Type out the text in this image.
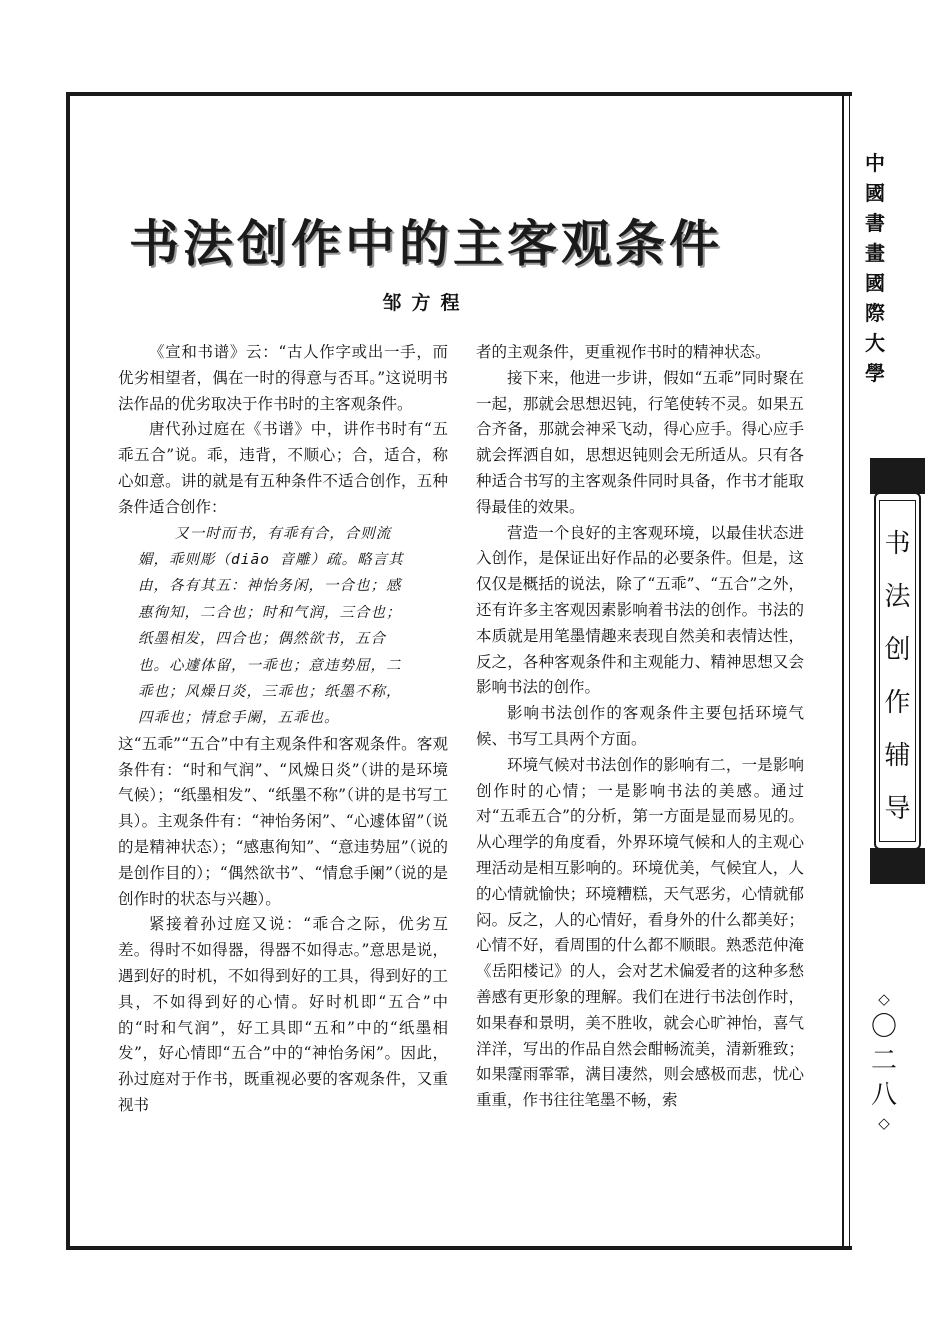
书法创作中的主客观条件
邹方程

《宣和书谱》云：“古人作字或出一手，而优劣相望者，偶在一时的得意与否耳。”这说明书法作品的优劣取决于作书时的主客观条件。

唐代孙过庭在《书谱》中，讲作书时有“五乖五合”说。乖，违背，不顺心；合，适合，称心如意。讲的就是有五种条件不适合创作，五种条件适合创作：

又一时而书，有乖有合，合则流
媚，乖则彫（diāo 音雕）疏。略言其
由，各有其五：神怡务闲，一合也；感
惠徇知，二合也；时和气润，三合也；
纸墨相发，四合也；偶然欲书，五合
也。心遽体留，一乖也；意违势屈，二
乖也；风燥日炎，三乖也；纸墨不称，
四乖也；情怠手阑，五乖也。

这“五乖”“五合”中有主观条件和客观条件。客观条件有：“时和气润”、“风燥日炎”（讲的是环境气候）；“纸墨相发”、“纸墨不称”（讲的是书写工具）。主观条件有：“神怡务闲”、“心遽体留”（说的是精神状态）；“感惠徇知”、“意违势屈”（说的是创作目的）；“偶然欲书”、“情怠手阑”（说的是创作时的状态与兴趣）。

紧接着孙过庭又说：“乖合之际，优劣互差。得时不如得器，得器不如得志。”意思是说，遇到好的时机，不如得到好的工具，得到好的工具，不如得到好的心情。好时机即“五合”中的“时和气润”，好工具即“五和”中的“纸墨相发”，好心情即“五合”中的“神怡务闲”。因此，孙过庭对于作书，既重视必要的客观条件，又重视书

者的主观条件，更重视作书时的精神状态。

接下来，他进一步讲，假如“五乖”同时聚在一起，那就会思想迟钝，行笔使转不灵。如果五合齐备，那就会神采飞动，得心应手。得心应手就会挥洒自如，思想迟钝则会无所适从。只有各种适合书写的主客观条件同时具备，作书才能取得最佳的效果。

营造一个良好的主客观环境，以最佳状态进入创作，是保证出好作品的必要条件。但是，这仅仅是概括的说法，除了“五乖”、“五合”之外，还有许多主客观因素影响着书法的创作。书法的本质就是用笔墨情趣来表现自然美和表情达性，反之，各种客观条件和主观能力、精神思想又会影响书法的创作。

影响书法创作的客观条件主要包括环境气候、书写工具两个方面。

环境气候对书法创作的影响有二，一是影响创作时的心情；一是影响书法的美感。通过对“五乖五合”的分析，第一方面是显而易见的。从心理学的角度看，外界环境气候和人的主观心理活动是相互影响的。环境优美，气候宜人，人的心情就愉快；环境糟糕，天气恶劣，心情就郁闷。反之，人的心情好，看身外的什么都美好；心情不好，看周围的什么都不顺眼。熟悉范仲淹《岳阳楼记》的人，会对艺术偏爱者的这种多愁善感有更形象的理解。我们在进行书法创作时，如果春和景明，美不胜收，就会心旷神怡，喜气洋洋，写出的作品自然会酣畅流美，清新雅致；如果霪雨霏霏，满目凄然，则会感极而悲，忧心重重，作书往往笔墨不畅，索

中
國
書
畫
國
際
大
學
书
法
创
作
辅
导
◇
〇
二
八
◇
